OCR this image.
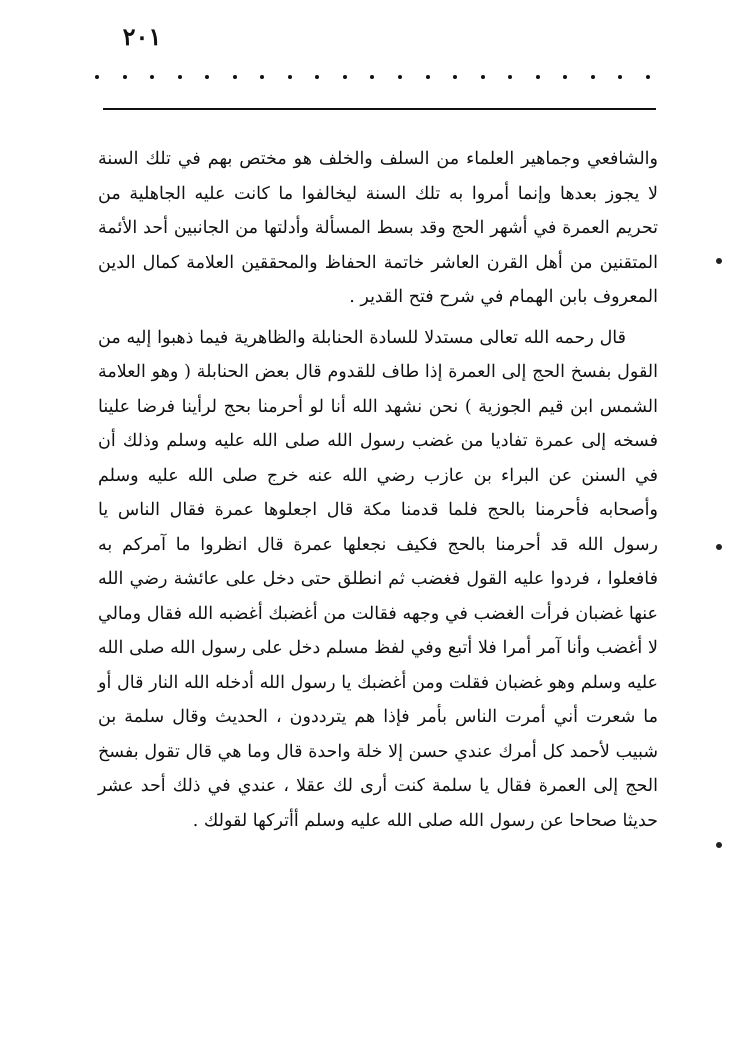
٢٠١

والشافعي وجماهير العلماء من السلف والخلف هو مختص بهم في تلك السنة لا يجوز بعدها وإنما أمروا به تلك السنة ليخالفوا ما كانت عليه الجاهلية من تحريم العمرة في أشهر الحج وقد بسط المسألة وأدلتها من الجانبين أحد الأئمة المتقنين من أهل القرن العاشر خاتمة الحفاظ والمحققين العلامة كمال الدين المعروف بابن الهمام في شرح فتح القدير .

قال رحمه الله تعالى مستدلا للسادة الحنابلة والظاهرية فيما ذهبوا إليه من القول بفسخ الحج إلى العمرة إذا طاف للقدوم قال بعض الحنابلة ( وهو العلامة الشمس ابن قيم الجوزية ) نحن نشهد الله أنا لو أحرمنا بحج لرأينا فرضا علينا فسخه إلى عمرة تفاديا من غضب رسول الله صلى الله عليه وسلم وذلك أن في السنن عن البراء بن عازب رضي الله عنه خرج صلى الله عليه وسلم وأصحابه فأحرمنا بالحج فلما قدمنا مكة قال اجعلوها عمرة فقال الناس يا رسول الله قد أحرمنا بالحج فكيف نجعلها عمرة قال انظروا ما آمركم به فافعلوا ، فردوا عليه القول فغضب ثم انطلق حتى دخل على عائشة رضي الله عنها غضبان فرأت الغضب في وجهه فقالت من أغضبك أغضبه الله فقال ومالي لا أغضب وأنا آمر أمرا فلا أتبع وفي لفظ مسلم دخل على رسول الله صلى الله عليه وسلم وهو غضبان فقلت ومن أغضبك يا رسول الله أدخله الله النار قال أو ما شعرت أني أمرت الناس بأمر فإذا هم يترددون ، الحديث وقال سلمة بن شبيب لأحمد كل أمرك عندي حسن إلا خلة واحدة قال وما هي قال تقول بفسخ الحج إلى العمرة فقال يا سلمة كنت أرى لك عقلا ، عندي في ذلك أحد عشر حديثا صحاحا عن رسول الله صلى الله عليه وسلم أأتركها لقولك .
